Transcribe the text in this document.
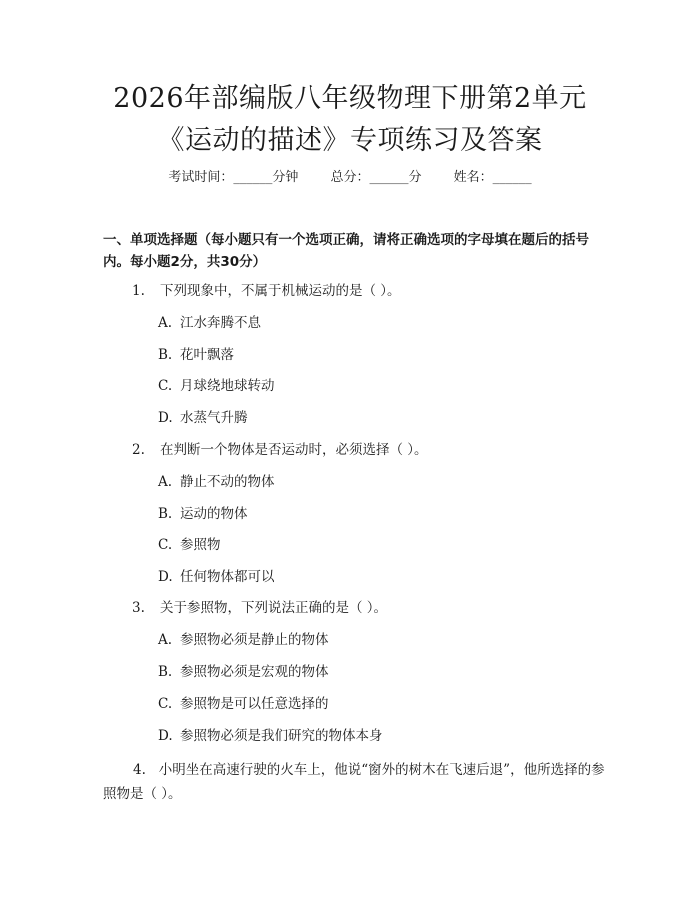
2026年部编版八年级物理下册第2单元《运动的描述》专项练习及答案
考试时间：______分钟 总分：______分 姓名：______
一、单项选择题（每小题只有一个选项正确，请将正确选项的字母填在题后的括号内。每小题2分，共30分）
1. 下列现象中，不属于机械运动的是（ ）。
A. 江水奔腾不息
B. 花叶飘落
C. 月球绕地球转动
D. 水蒸气升腾
2. 在判断一个物体是否运动时，必须选择（ ）。
A. 静止不动的物体
B. 运动的物体
C. 参照物
D. 任何物体都可以
3. 关于参照物，下列说法正确的是（ ）。
A. 参照物必须是静止的物体
B. 参照物必须是宏观的物体
C. 参照物是可以任意选择的
D. 参照物必须是我们研究的物体本身
4. 小明坐在高速行驶的火车上，他说“窗外的树木在飞速后退”，他所选择的参照物是（ ）。
